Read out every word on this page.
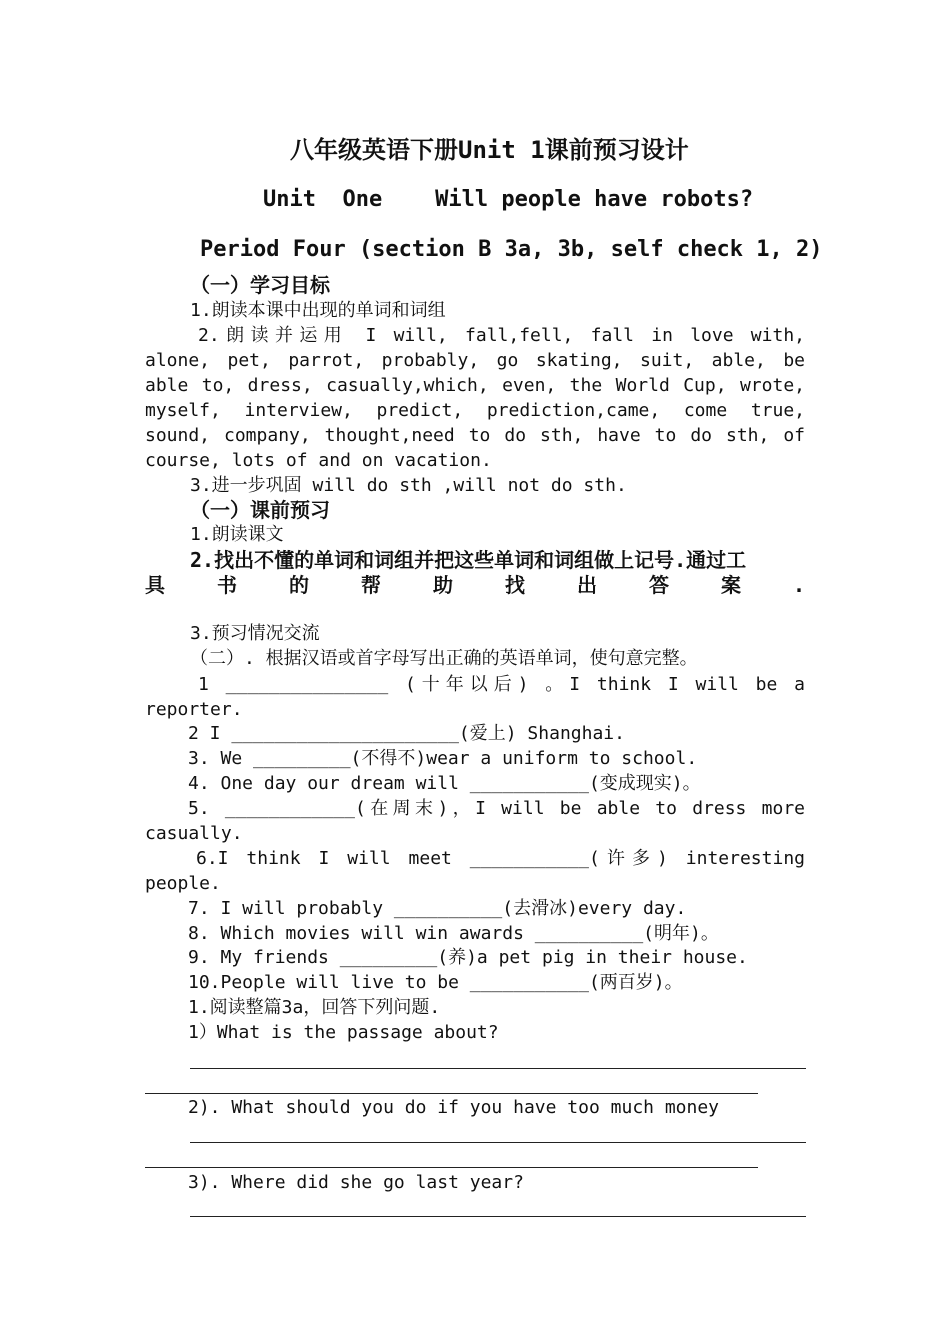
八年级英语下册Unit 1课前预习设计
Unit  One    Will people have robots?
Period Four (section B 3a, 3b, self check 1, 2)
（一）学习目标
1.朗读本课中出现的单词和词组
2.朗读并运用 I will, fall,fell, fall in love with,
alone, pet, parrot, probably, go skating, suit, able, be
able to, dress, casually,which, even, the World Cup, wrote,
myself, interview, predict, prediction,came, come true,
sound, company, thought,need to do sth, have to do sth, of
course, lots of and on vacation.
3.进一步巩固 will do sth ,will not do sth.
（一）课前预习
1.朗读课文
2.找出不懂的单词和词组并把这些单词和词组做上记号.通过工
具 书 的 帮 助 找 出 答 案 .
3.预习情况交流
（二）. 根据汉语或首字母写出正确的英语单词，使句意完整。
1 _______________ (十年以后) 。I think I will be a
reporter.
2 I _____________________(爱上) Shanghai.
3. We _________(不得不)wear a uniform to school.
4. One day our dream will ___________(变成现实)。
5. ____________(在周末)，I will be able to dress more
casually.
6.I think I will meet ___________(许多) interesting
people.
7. I will probably __________(去滑冰)every day.
8. Which movies will win awards __________(明年)。
9. My friends _________(养)a pet pig in their house.
10.People will live to be ___________(两百岁)。
1.阅读整篇3a，回答下列问题.
1）What is the passage about?
2). What should you do if you have too much money
3). Where did she go last year?
